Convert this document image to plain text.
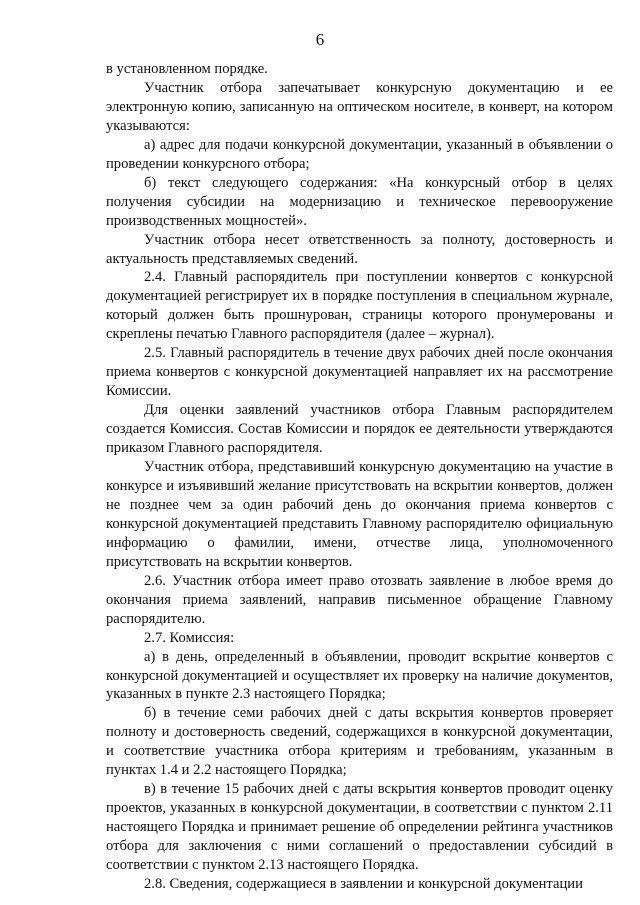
6

в установленном порядке.

Участник отбора запечатывает конкурсную документацию и ее электронную копию, записанную на оптическом носителе, в конверт, на котором указываются:

а) адрес для подачи конкурсной документации, указанный в объявлении о проведении конкурсного отбора;

б) текст следующего содержания: «На конкурсный отбор в целях получения субсидии на модернизацию и техническое перевооружение производственных мощностей».

Участник отбора несет ответственность за полноту, достоверность и актуальность представляемых сведений.

2.4. Главный распорядитель при поступлении конвертов с конкурсной документацией регистрирует их в порядке поступления в специальном журнале, который должен быть прошнурован, страницы которого пронумерованы и скреплены печатью Главного распорядителя (далее – журнал).

2.5. Главный распорядитель в течение двух рабочих дней после окончания приема конвертов с конкурсной документацией направляет их на рассмотрение Комиссии.

Для оценки заявлений участников отбора Главным распорядителем создается Комиссия. Состав Комиссии и порядок ее деятельности утверждаются приказом Главного распорядителя.

Участник отбора, представивший конкурсную документацию на участие в конкурсе и изъявивший желание присутствовать на вскрытии конвертов, должен не позднее чем за один рабочий день до окончания приема конвертов с конкурсной документацией представить Главному распорядителю официальную информацию о фамилии, имени, отчестве лица, уполномоченного присутствовать на вскрытии конвертов.

2.6. Участник отбора имеет право отозвать заявление в любое время до окончания приема заявлений, направив письменное обращение Главному распорядителю.

2.7. Комиссия:

а) в день, определенный в объявлении, проводит вскрытие конвертов с конкурсной документацией и осуществляет их проверку на наличие документов, указанных в пункте 2.3 настоящего Порядка;

б) в течение семи рабочих дней с даты вскрытия конвертов проверяет полноту и достоверность сведений, содержащихся в конкурсной документации, и соответствие участника отбора критериям и требованиям, указанным в пунктах 1.4 и 2.2 настоящего Порядка;

в) в течение 15 рабочих дней с даты вскрытия конвертов проводит оценку проектов, указанных в конкурсной документации, в соответствии с пунктом 2.11 настоящего Порядка и принимает решение об определении рейтинга участников отбора для заключения с ними соглашений о предоставлении субсидий в соответствии с пунктом 2.13 настоящего Порядка.

2.8. Сведения, содержащиеся в заявлении и конкурсной документации
